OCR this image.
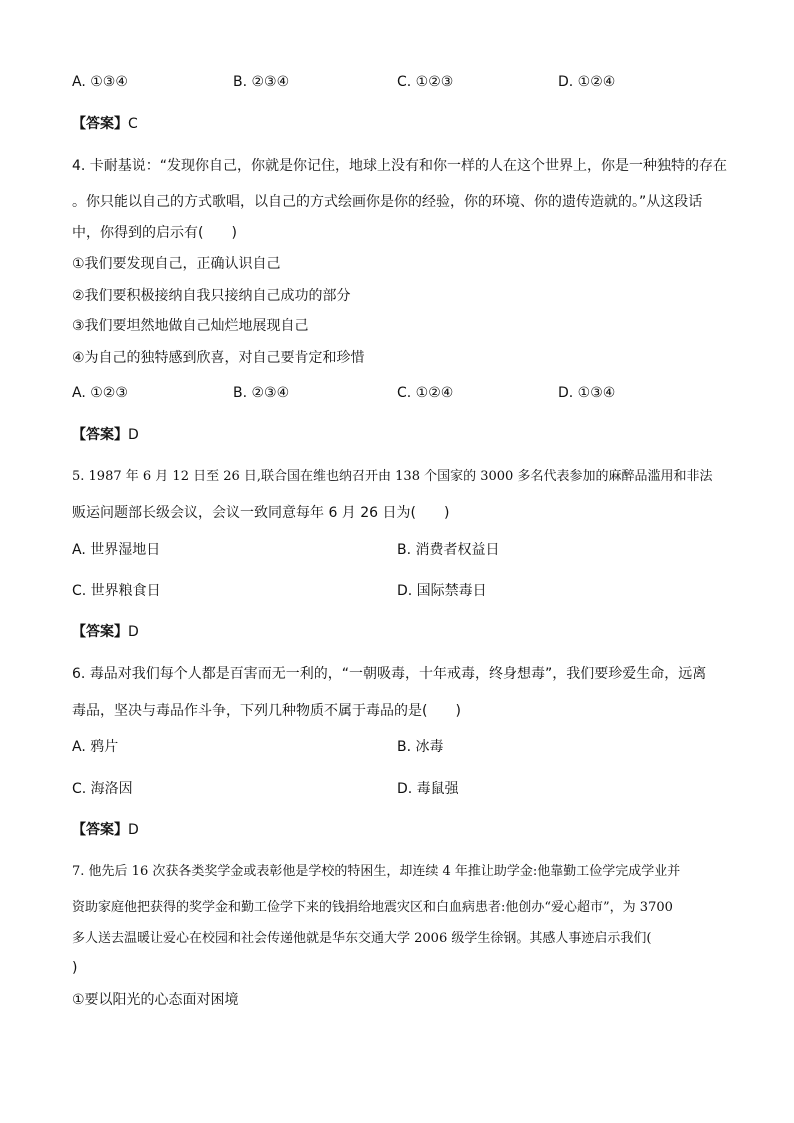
A. ①③④	B. ②③④	C. ①②③	D. ①②④
【答案】C
4. 卡耐基说：“发现你自己，你就是你记住，地球上没有和你一样的人在这个世界上，你是一种独特的存在
。你只能以自己的方式歌唱，以自己的方式绘画你是你的经验，你的环境、你的遗传造就的。”从这段话
中，你得到的启示有(　　)
①我们要发现自己，正确认识自己
②我们要积极接纳自我只接纳自己成功的部分
③我们要坦然地做自己灿烂地展现自己
④为自己的独特感到欣喜，对自己要肯定和珍惜
A. ①②③	B. ②③④	C. ①②④	D. ①③④
【答案】D
5. 1987 年 6 月 12 日至 26 日,联合国在维也纳召开由 138 个国家的 3000 多名代表参加的麻醉品滥用和非法
贩运问题部长级会议，会议一致同意每年 6 月 26 日为(　　)
A. 世界湿地日	B. 消费者权益日
C. 世界粮食日	D. 国际禁毒日
【答案】D
6. 毒品对我们每个人都是百害而无一利的，“一朝吸毒，十年戒毒，终身想毒”，我们要珍爱生命，远离
毒品，坚决与毒品作斗争，下列几种物质不属于毒品的是(　　)
A. 鸦片	B. 冰毒
C. 海洛因	D. 毒鼠强
【答案】D
7. 他先后 16 次获各类奖学金或表彰他是学校的特困生，却连续 4 年推让助学金:他靠勤工俭学完成学业并
资助家庭他把获得的奖学金和勤工俭学下来的钱捐给地震灾区和白血病患者:他创办“爱心超市”，为 3700
多人送去温暖让爱心在校园和社会传递他就是华东交通大学 2006 级学生徐钢。其感人事迹启示我们(
)
①要以阳光的心态面对困境
